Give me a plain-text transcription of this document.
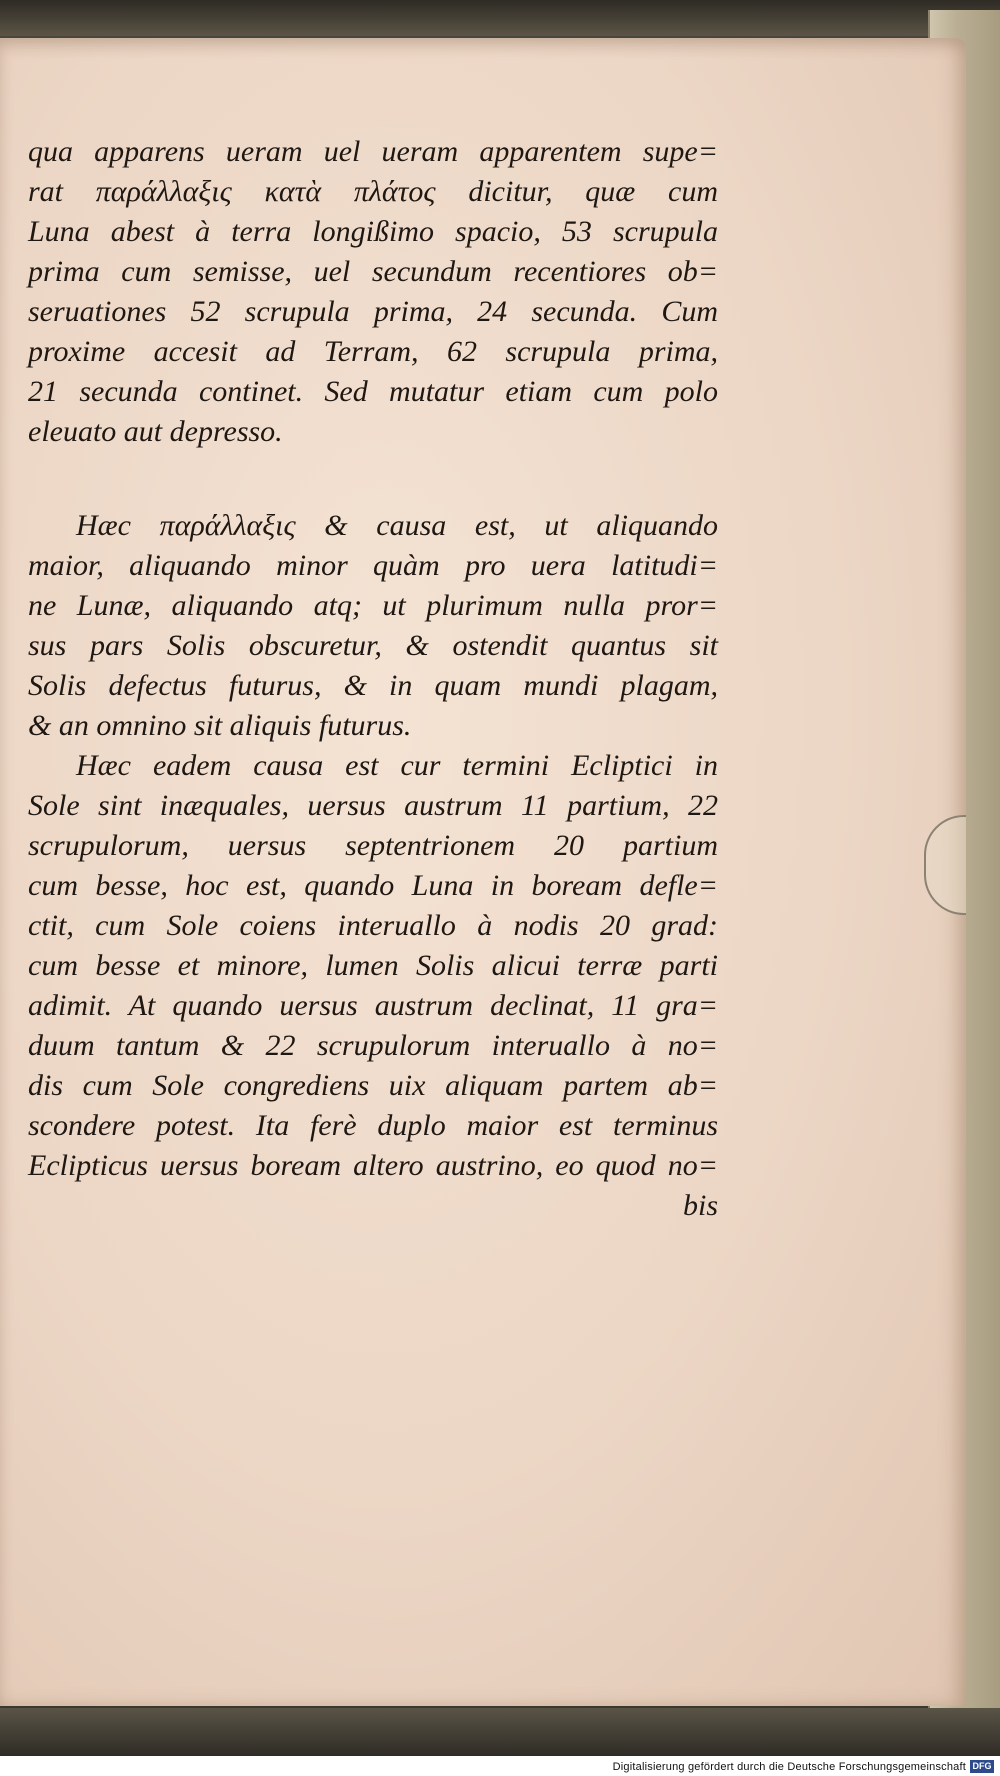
qua apparens ueram uel ueram apparentem supe=
rat παράλλαξις κατὰ πλάτος dicitur, quæ cum
Luna abest à terra longißimo spacio, 53 scrupula
prima cum semisse, uel secundum recentiores ob=
seruationes 52 scrupula prima, 24 secunda. Cum
proxime accesit ad Terram, 62 scrupula prima,
21 secunda continet. Sed mutatur etiam cum polo
eleuato aut depresso.
Hæc παράλλαξις & causa est, ut aliquando
maior, aliquando minor quàm pro uera latitudi=
ne Lunæ, aliquando atq; ut plurimum nulla pror=
sus pars Solis obscuretur, & ostendit quantus sit
Solis defectus futurus, & in quam mundi plagam,
& an omnino sit aliquis futurus.
Hæc eadem causa est cur termini Ecliptici in
Sole sint inæquales, uersus austrum 11 partium, 22
scrupulorum, uersus septentrionem 20 partium
cum besse, hoc est, quando Luna in boream defle=
ctit, cum Sole coiens interuallo à nodis 20 grad:
cum besse et minore, lumen Solis alicui terræ parti
adimit. At quando uersus austrum declinat, 11 gra=
duum tantum & 22 scrupulorum interuallo à no=
dis cum Sole congrediens uix aliquam partem ab=
scondere potest. Ita ferè duplo maior est terminus
Eclipticus uersus boream altero austrino, eo quod no=
bis
Digitalisierung gefördert durch die Deutsche Forschungsgemeinschaft DFG
